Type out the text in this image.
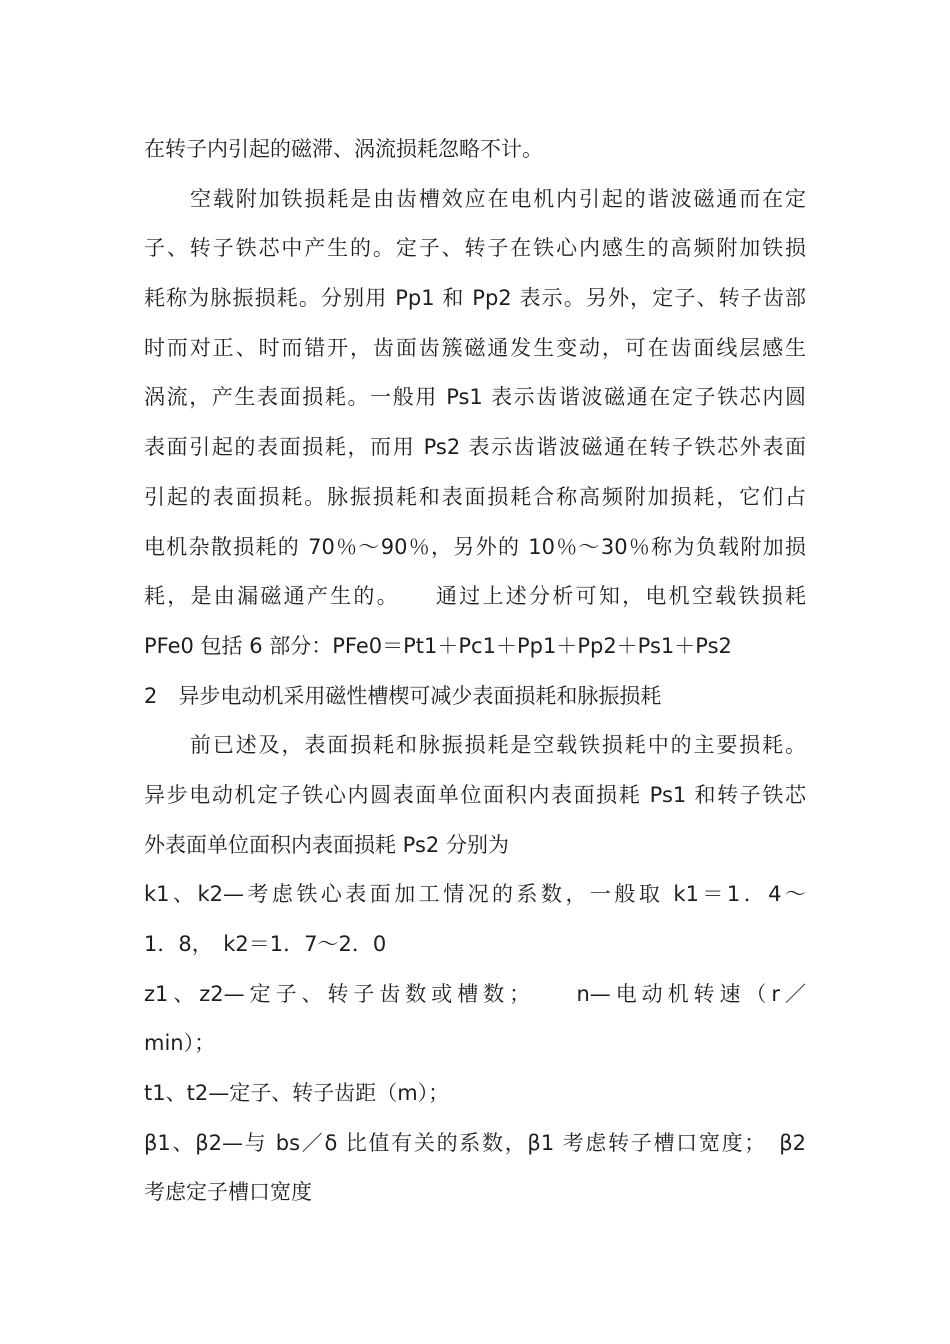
在转子内引起的磁滞、涡流损耗忽略不计。
空载附加铁损耗是由齿槽效应在电机内引起的谐波磁通而在定
子、转子铁芯中产生的。定子、转子在铁心内感生的高频附加铁损
耗称为脉振损耗。分别用 Pp1 和 Pp2 表示。另外，定子、转子齿部
时而对正、时而错开，齿面齿簇磁通发生变动，可在齿面线层感生
涡流，产生表面损耗。一般用 Ps1 表示齿谐波磁通在定子铁芯内圆
表面引起的表面损耗，而用 Ps2 表示齿谐波磁通在转子铁芯外表面
引起的表面损耗。脉振损耗和表面损耗合称高频附加损耗，它们占
电机杂散损耗的 70％～90％，另外的 10％～30％称为负载附加损
耗，是由漏磁通产生的。　　通过上述分析可知，电机空载铁损耗
PFe0 包括 6 部分：PFe0＝Pt1＋Pc1＋Pp1＋Pp2＋Ps1＋Ps2
2　异步电动机采用磁性槽楔可减少表面损耗和脉振损耗
前已述及，表面损耗和脉振损耗是空载铁损耗中的主要损耗。
异步电动机定子铁心内圆表面单位面积内表面损耗 Ps1 和转子铁芯
外表面单位面积内表面损耗 Ps2 分别为
k1、k2—考虑铁心表面加工情况的系数，一般取 k1＝1．4～
1．8，　k2＝1．7～2．0
z1、z2—定子、转子齿数或槽数；　　n—电动机转速（r／
min）；
t1、t2—定子、转子齿距（m）；
β1、β2—与 bs／δ 比值有关的系数，β1 考虑转子槽口宽度；　β2
考虑定子槽口宽度
